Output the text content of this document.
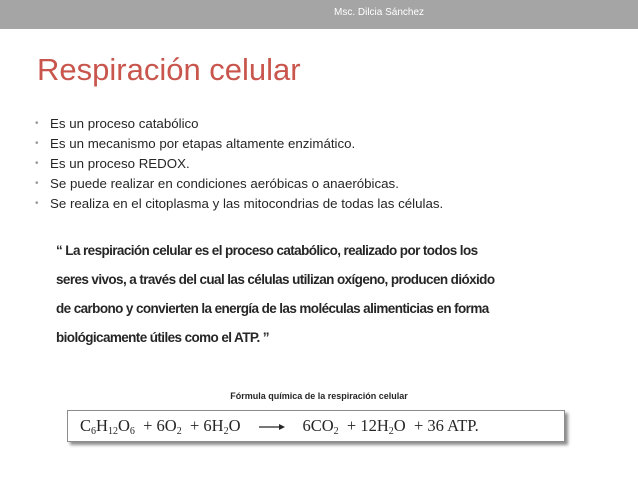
Msc. Dilcia Sánchez
Respiración celular
• Es un proceso catabólico
• Es un mecanismo por etapas altamente enzimático.
• Es un proceso REDOX.
• Se puede realizar en condiciones aeróbicas o anaeróbicas.
• Se realiza en el citoplasma y las mitocondrias de todas las células.
“ La respiración celular es el proceso catabólico, realizado por todos los
seres vivos, a través del cual las células utilizan oxígeno, producen dióxido
de carbono y convierten la energía de las moléculas alimenticias en forma
biológicamente útiles como el ATP. ”
Fórmula química de la respiración celular
$C_6H_{12}O_6$
+
$6O_2$
+
$6H_2O$	$6CO_2$
+
$12H_2O$
+
36 ATP.
